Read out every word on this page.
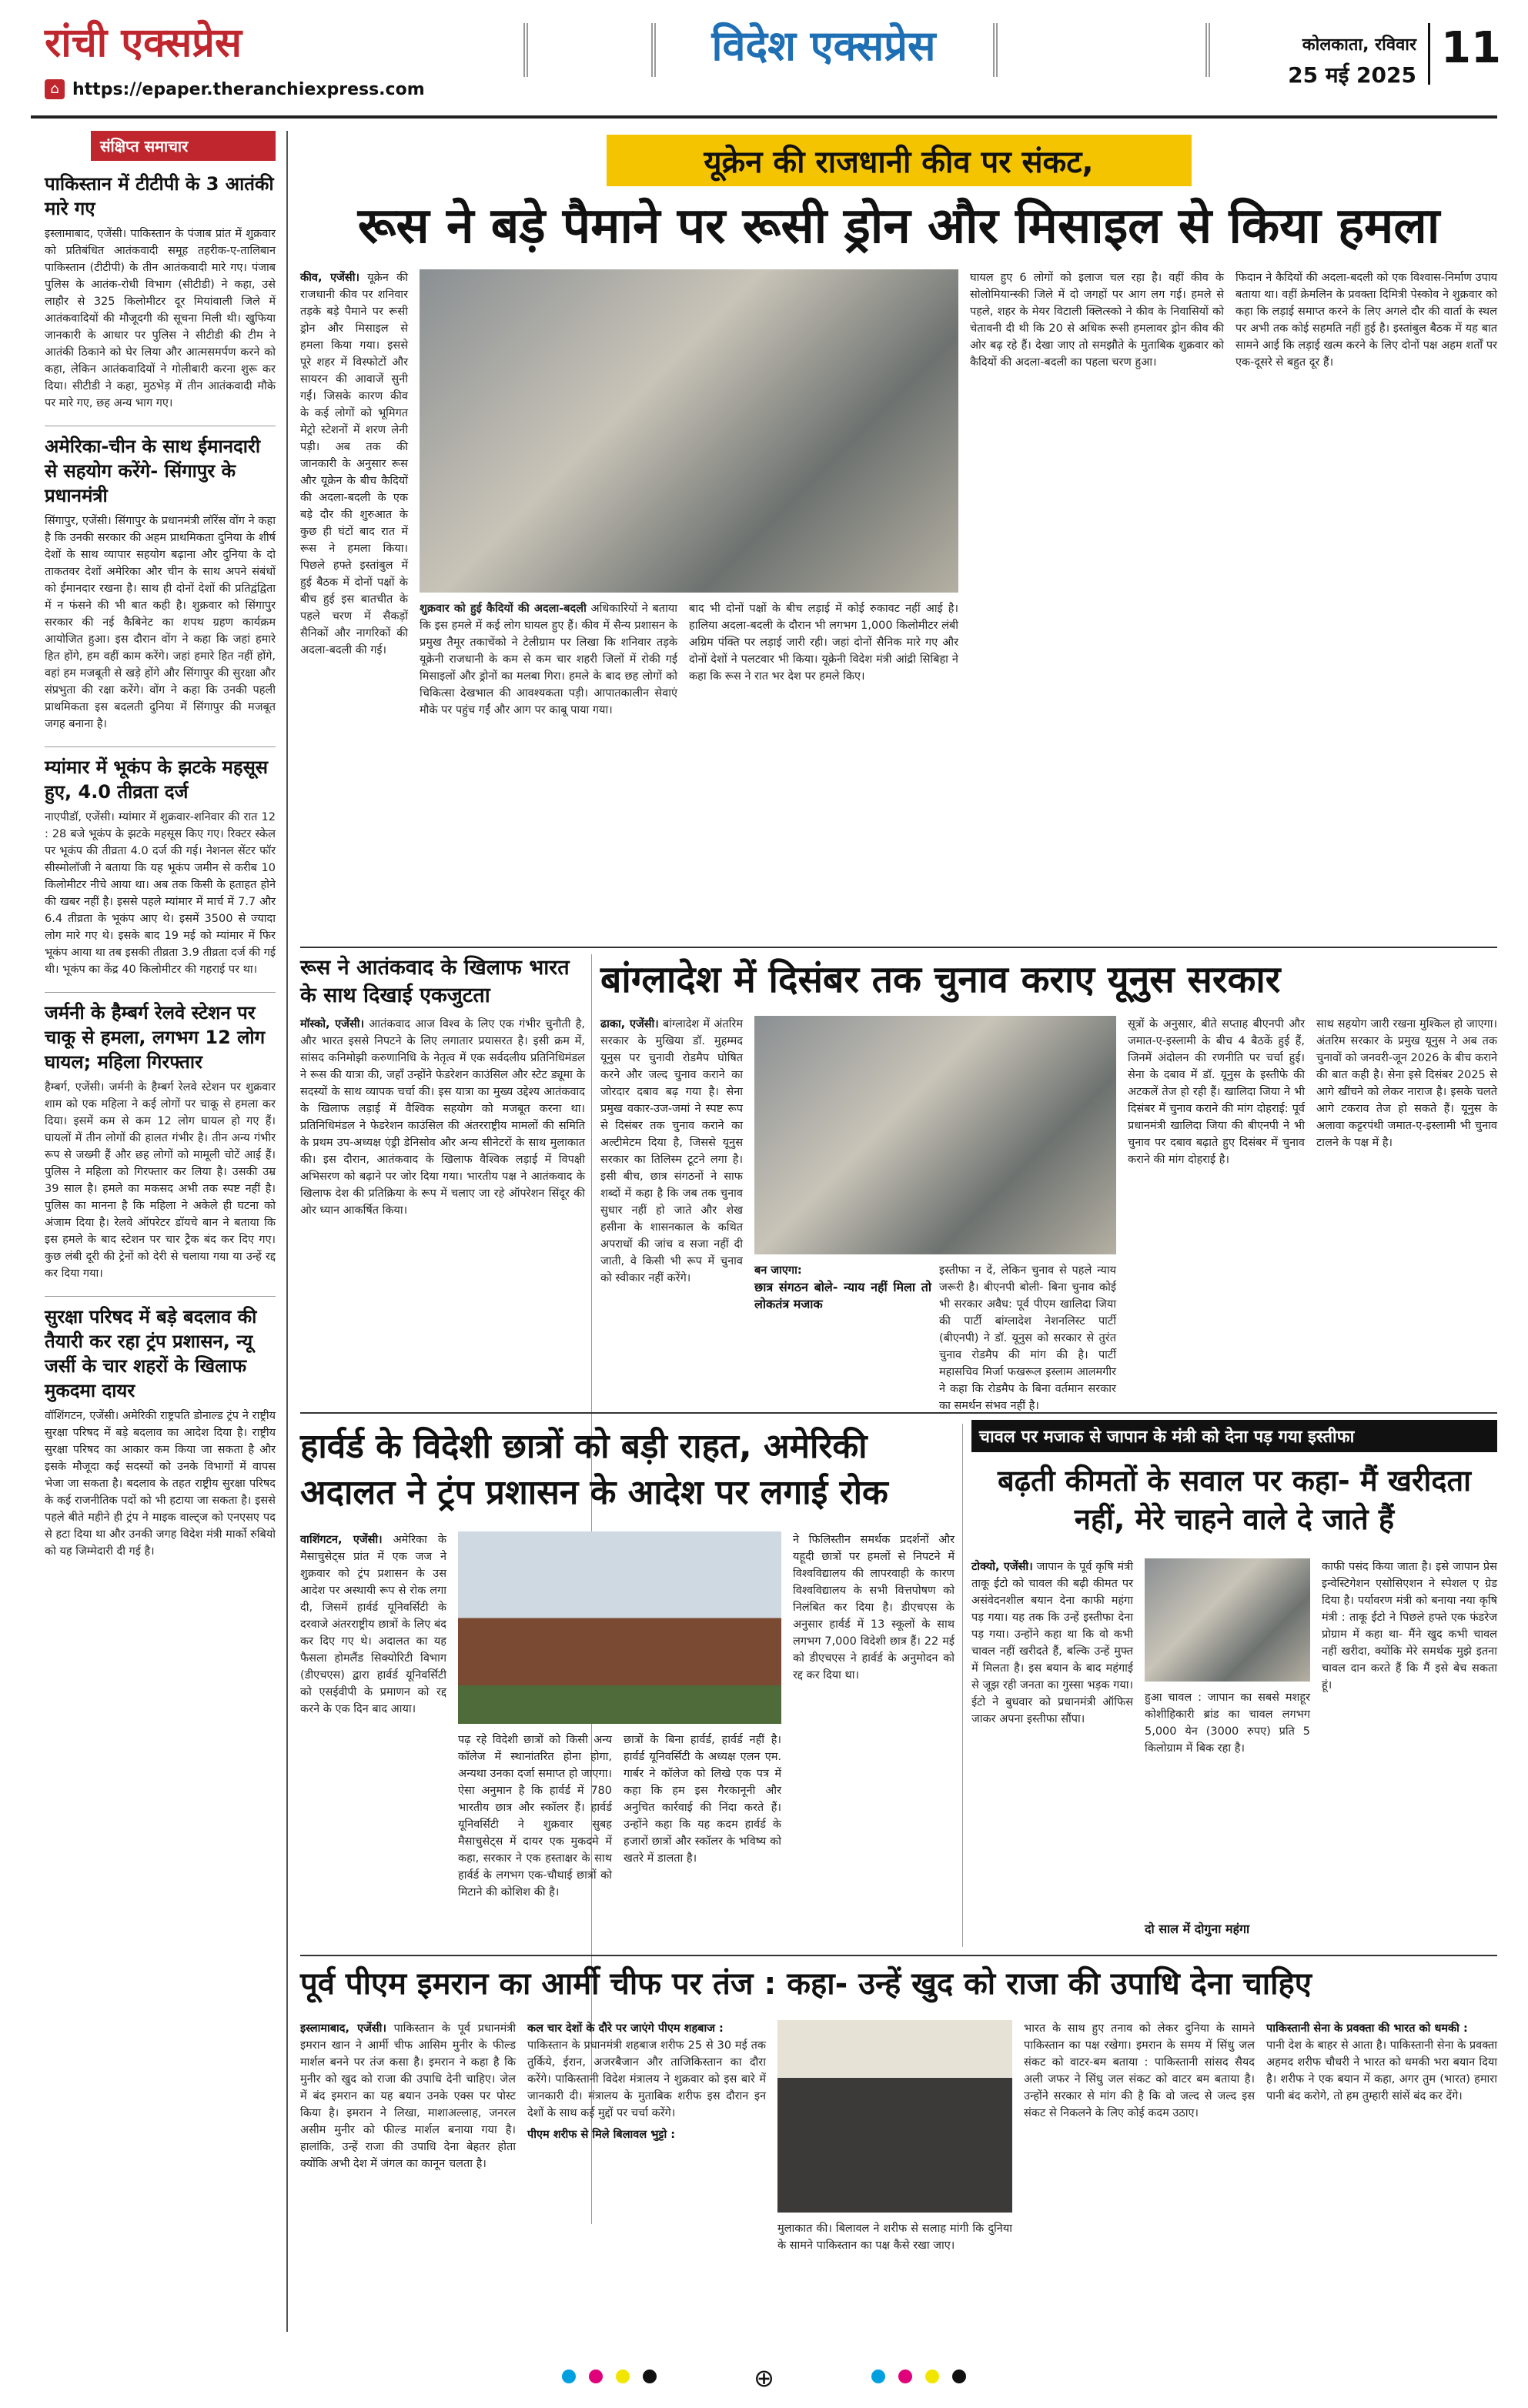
रांची एक्सप्रेस
⌂ https://epaper.theranchiexpress.com
विदेश एक्सप्रेस	कोलकाता, रविवार
25 मई 2025
11
संक्षिप्त समाचार
पाकिस्तान में टीटीपी के 3 आतंकी मारे गए
इस्लामाबाद, एजेंसी। पाकिस्तान के पंजाब प्रांत में शुक्रवार को प्रतिबंधित आतंकवादी समूह तहरीक-ए-तालिबान पाकिस्तान (टीटीपी) के तीन आतंकवादी मारे गए। पंजाब पुलिस के आतंक-रोधी विभाग (सीटीडी) ने कहा, उसे लाहौर से 325 किलोमीटर दूर मियांवाली जिले में आतंकवादियों की मौजूदगी की सूचना मिली थी। खुफिया जानकारी के आधार पर पुलिस ने सीटीडी की टीम ने आतंकी ठिकाने को घेर लिया और आत्मसमर्पण करने को कहा, लेकिन आतंकवादियों ने गोलीबारी करना शुरू कर दिया। सीटीडी ने कहा, मुठभेड़ में तीन आतंकवादी मौके पर मारे गए, छह अन्य भाग गए।
अमेरिका-चीन के साथ ईमानदारी से सहयोग करेंगे- सिंगापुर के प्रधानमंत्री
सिंगापुर, एजेंसी। सिंगापुर के प्रधानमंत्री लॉरेंस वोंग ने कहा है कि उनकी सरकार की अहम प्राथमिकता दुनिया के शीर्ष देशों के साथ व्यापार सहयोग बढ़ाना और दुनिया के दो ताकतवर देशों अमेरिका और चीन के साथ अपने संबंधों को ईमानदार रखना है। साथ ही दोनों देशों की प्रतिद्वंद्विता में न फंसने की भी बात कही है। शुक्रवार को सिंगापुर सरकार की नई कैबिनेट का शपथ ग्रहण कार्यक्रम आयोजित हुआ। इस दौरान वोंग ने कहा कि जहां हमारे हित होंगे, हम वहीं काम करेंगे। जहां हमारे हित नहीं होंगे, वहां हम मजबूती से खड़े होंगे और सिंगापुर की सुरक्षा और संप्रभुता की रक्षा करेंगे। वोंग ने कहा कि उनकी पहली प्राथमिकता इस बदलती दुनिया में सिंगापुर की मजबूत जगह बनाना है।
म्यांमार में भूकंप के झटके महसूस हुए, 4.0 तीव्रता दर्ज
नाएपीडॉ, एजेंसी। म्यांमार में शुक्रवार-शनिवार की रात 12 : 28 बजे भूकंप के झटके महसूस किए गए। रिक्टर स्केल पर भूकंप की तीव्रता 4.0 दर्ज की गई। नेशनल सेंटर फॉर सीस्मोलॉजी ने बताया कि यह भूकंप जमीन से करीब 10 किलोमीटर नीचे आया था। अब तक किसी के हताहत होने की खबर नहीं है। इससे पहले म्यांमार में मार्च में 7.7 और 6.4 तीव्रता के भूकंप आए थे। इसमें 3500 से ज्यादा लोग मारे गए थे। इसके बाद 19 मई को म्यांमार में फिर भूकंप आया था तब इसकी तीव्रता 3.9 तीव्रता दर्ज की गई थी। भूकंप का केंद्र 40 किलोमीटर की गहराई पर था।
जर्मनी के हैम्बर्ग रेलवे स्टेशन पर चाकू से हमला, लगभग 12 लोग घायल; महिला गिरफ्तार
हैम्बर्ग, एजेंसी। जर्मनी के हैम्बर्ग रेलवे स्टेशन पर शुक्रवार शाम को एक महिला ने कई लोगों पर चाकू से हमला कर दिया। इसमें कम से कम 12 लोग घायल हो गए हैं। घायलों में तीन लोगों की हालत गंभीर है। तीन अन्य गंभीर रूप से जख्मी हैं और छह लोगों को मामूली चोटें आई हैं। पुलिस ने महिला को गिरफ्तार कर लिया है। उसकी उम्र 39 साल है। हमले का मकसद अभी तक स्पष्ट नहीं है। पुलिस का मानना है कि महिला ने अकेले ही घटना को अंजाम दिया है। रेलवे ऑपरेटर डॉयचे बान ने बताया कि इस हमले के बाद स्टेशन पर चार ट्रैक बंद कर दिए गए। कुछ लंबी दूरी की ट्रेनों को देरी से चलाया गया या उन्हें रद्द कर दिया गया।
सुरक्षा परिषद में बड़े बदलाव की तैयारी कर रहा ट्रंप प्रशासन, न्यू जर्सी के चार शहरों के खिलाफ मुकदमा दायर
वॉशिंगटन, एजेंसी। अमेरिकी राष्ट्रपति डोनाल्ड ट्रंप ने राष्ट्रीय सुरक्षा परिषद में बड़े बदलाव का आदेश दिया है। राष्ट्रीय सुरक्षा परिषद का आकार कम किया जा सकता है और इसके मौजूदा कई सदस्यों को उनके विभागों में वापस भेजा जा सकता है। बदलाव के तहत राष्ट्रीय सुरक्षा परिषद के कई राजनीतिक पदों को भी हटाया जा सकता है। इससे पहले बीते महीने ही ट्रंप ने माइक वाल्ट्ज को एनएसए पद से हटा दिया था और उनकी जगह विदेश मंत्री मार्को रुबियो को यह जिम्मेदारी दी गई है।
यूक्रेन की राजधानी कीव पर संकट,
रूस ने बड़े पैमाने पर रूसी ड्रोन और मिसाइल से किया हमला
कीव, एजेंसी। यूक्रेन की राजधानी कीव पर शनिवार तड़के बड़े पैमाने पर रूसी ड्रोन और मिसाइल से हमला किया गया। इससे पूरे शहर में विस्फोटों और सायरन की आवाजें सुनी गईं। जिसके कारण कीव के कई लोगों को भूमिगत मेट्रो स्टेशनों में शरण लेनी पड़ी। अब तक की जानकारी के अनुसार रूस और यूक्रेन के बीच कैदियों की अदला-बदली के एक बड़े दौर की शुरुआत के कुछ ही घंटों बाद रात में रूस ने हमला किया। पिछले हफ्ते इस्तांबुल में हुई बैठक में दोनों पक्षों के बीच हुई इस बातचीत के पहले चरण में सैकड़ों सैनिकों और नागरिकों की अदला-बदली की गई।
शुक्रवार को हुई कैदियों की अदला-बदली अधिकारियों ने बताया कि इस हमले में कई लोग घायल हुए हैं। कीव में सैन्य प्रशासन के प्रमुख तैमूर तकाचेंको ने टेलीग्राम पर लिखा कि शनिवार तड़के यूक्रेनी राजधानी के कम से कम चार शहरी जिलों में रोकी गई मिसाइलों और ड्रोनों का मलबा गिरा। हमले के बाद छह लोगों को चिकित्सा देखभाल की आवश्यकता पड़ी। आपातकालीन सेवाएं मौके पर पहुंच गईं और आग पर काबू पाया गया।
बाद भी दोनों पक्षों के बीच लड़ाई में कोई रुकावट नहीं आई है। हालिया अदला-बदली के दौरान भी लगभग 1,000 किलोमीटर लंबी अग्रिम पंक्ति पर लड़ाई जारी रही। जहां दोनों सैनिक मारे गए और दोनों देशों ने पलटवार भी किया। यूक्रेनी विदेश मंत्री आंद्री सिबिहा ने कहा कि रूस ने रात भर देश पर हमले किए।
घायल हुए 6 लोगों को इलाज चल रहा है। वहीं कीव के सोलोमियान्स्की जिले में दो जगहों पर आग लग गई। हमले से पहले, शहर के मेयर विटाली क्लित्स्को ने कीव के निवासियों को चेतावनी दी थी कि 20 से अधिक रूसी हमलावर ड्रोन कीव की ओर बढ़ रहे हैं। देखा जाए तो समझौते के मुताबिक शुक्रवार को कैदियों की अदला-बदली का पहला चरण हुआ।
फिदान ने कैदियों की अदला-बदली को एक विश्वास-निर्माण उपाय बताया था। वहीं क्रेमलिन के प्रवक्ता दिमित्री पेस्कोव ने शुक्रवार को कहा कि लड़ाई समाप्त करने के लिए अगले दौर की वार्ता के स्थल पर अभी तक कोई सहमति नहीं हुई है। इस्तांबुल बैठक में यह बात सामने आई कि लड़ाई खत्म करने के लिए दोनों पक्ष अहम शर्तों पर एक-दूसरे से बहुत दूर हैं।
रूस ने आतंकवाद के खिलाफ भारत के साथ दिखाई एकजुटता
मॉस्को, एजेंसी। आतंकवाद आज विश्व के लिए एक गंभीर चुनौती है, और भारत इससे निपटने के लिए लगातार प्रयासरत है। इसी क्रम में, सांसद कनिमोझी करुणानिधि के नेतृत्व में एक सर्वदलीय प्रतिनिधिमंडल ने रूस की यात्रा की, जहाँ उन्होंने फेडरेशन काउंसिल और स्टेट ड्यूमा के सदस्यों के साथ व्यापक चर्चा की। इस यात्रा का मुख्य उद्देश्य आतंकवाद के खिलाफ लड़ाई में वैश्विक सहयोग को मजबूत करना था। प्रतिनिधिमंडल ने फेडरेशन काउंसिल की अंतरराष्ट्रीय मामलों की समिति के प्रथम उप-अध्यक्ष एंड्री डेनिसोव और अन्य सीनेटरों के साथ मुलाकात की। इस दौरान, आतंकवाद के खिलाफ वैश्विक लड़ाई में विपक्षी अभिसरण को बढ़ाने पर जोर दिया गया। भारतीय पक्ष ने आतंकवाद के खिलाफ देश की प्रतिक्रिया के रूप में चलाए जा रहे ऑपरेशन सिंदूर की ओर ध्यान आकर्षित किया।
बांग्लादेश में दिसंबर तक चुनाव कराए यूनुस सरकार
ढाका, एजेंसी। बांग्लादेश में अंतरिम सरकार के मुखिया डॉ. मुहम्मद यूनुस पर चुनावी रोडमैप घोषित करने और जल्द चुनाव कराने का जोरदार दबाव बढ़ गया है। सेना प्रमुख वकार-उज-जमां ने स्पष्ट रूप से दिसंबर तक चुनाव कराने का अल्टीमेटम दिया है, जिससे यूनुस सरकार का तिलिस्म टूटने लगा है। इसी बीच, छात्र संगठनों ने साफ शब्दों में कहा है कि जब तक चुनाव सुधार नहीं हो जाते और शेख हसीना के शासनकाल के कथित अपराधों की जांच व सजा नहीं दी जाती, वे किसी भी रूप में चुनाव को स्वीकार नहीं करेंगे।
बन जाएगा:
छात्र संगठन बोले- न्याय नहीं मिला तो लोकतंत्र मजाक
इस्तीफा न दें, लेकिन चुनाव से पहले न्याय जरूरी है। बीएनपी बोली- बिना चुनाव कोई भी सरकार अवैध: पूर्व पीएम खालिदा जिया की पार्टी बांग्लादेश नेशनलिस्ट पार्टी (बीएनपी) ने डॉ. यूनुस को सरकार से तुरंत चुनाव रोडमैप की मांग की है। पार्टी महासचिव मिर्जा फखरूल इस्लाम आलमगीर ने कहा कि रोडमैप के बिना वर्तमान सरकार का समर्थन संभव नहीं है।
सूत्रों के अनुसार, बीते सप्ताह बीएनपी और जमात-ए-इस्लामी के बीच 4 बैठकें हुई हैं, जिनमें अंदोलन की रणनीति पर चर्चा हुई। सेना के दबाव में डॉ. यूनुस के इस्तीफे की अटकलें तेज हो रही हैं। खालिदा जिया ने भी दिसंबर में चुनाव कराने की मांग दोहराई: पूर्व प्रधानमंत्री खालिदा जिया की बीएनपी ने भी चुनाव पर दबाव बढ़ाते हुए दिसंबर में चुनाव कराने की मांग दोहराई है।
साथ सहयोग जारी रखना मुश्किल हो जाएगा। अंतरिम सरकार के प्रमुख यूनुस ने अब तक चुनावों को जनवरी-जून 2026 के बीच कराने की बात कही है। सेना इसे दिसंबर 2025 से आगे खींचने को लेकर नाराज है। इसके चलते आगे टकराव तेज हो सकते हैं। यूनुस के अलावा कट्टरपंथी जमात-ए-इस्लामी भी चुनाव टालने के पक्ष में है।
हार्वर्ड के विदेशी छात्रों को बड़ी राहत, अमेरिकी अदालत ने ट्रंप प्रशासन के आदेश पर लगाई रोक
वाशिंगटन, एजेंसी। अमेरिका के मैसाचुसेट्स प्रांत में एक जज ने शुक्रवार को ट्रंप प्रशासन के उस आदेश पर अस्थायी रूप से रोक लगा दी, जिसमें हार्वर्ड यूनिवर्सिटी के दरवाजे अंतरराष्ट्रीय छात्रों के लिए बंद कर दिए गए थे। अदालत का यह फैसला होमलैंड सिक्योरिटी विभाग (डीएचएस) द्वारा हार्वर्ड यूनिवर्सिटी को एसईवीपी के प्रमाणन को रद्द करने के एक दिन बाद आया।
पढ़ रहे विदेशी छात्रों को किसी अन्य कॉलेज में स्थानांतरित होना होगा, अन्यथा उनका दर्जा समाप्त हो जाएगा। ऐसा अनुमान है कि हार्वर्ड में 780 भारतीय छात्र और स्कॉलर हैं। हार्वर्ड यूनिवर्सिटी ने शुक्रवार सुबह मैसाचुसेट्स में दायर एक मुकदमे में कहा, सरकार ने एक हस्ताक्षर के साथ हार्वर्ड के लगभग एक-चौथाई छात्रों को मिटाने की कोशिश की है।
छात्रों के बिना हार्वर्ड, हार्वर्ड नहीं है। हार्वर्ड यूनिवर्सिटी के अध्यक्ष एलन एम. गार्बर ने कॉलेज को लिखे एक पत्र में कहा कि हम इस गैरकानूनी और अनुचित कार्रवाई की निंदा करते हैं। उन्होंने कहा कि यह कदम हार्वर्ड के हजारों छात्रों और स्कॉलर के भविष्य को खतरे में डालता है।
ने फिलिस्तीन समर्थक प्रदर्शनों और यहूदी छात्रों पर हमलों से निपटने में विश्वविद्यालय की लापरवाही के कारण विश्वविद्यालय के सभी वित्तपोषण को निलंबित कर दिया है। डीएचएस के अनुसार हार्वर्ड में 13 स्कूलों के साथ लगभग 7,000 विदेशी छात्र हैं। 22 मई को डीएचएस ने हार्वर्ड के अनुमोदन को रद्द कर दिया था।
चावल पर मजाक से जापान के मंत्री को देना पड़ गया इस्तीफा
बढ़ती कीमतों के सवाल पर कहा- मैं खरीदता नहीं, मेरे चाहने वाले दे जाते हैं
टोक्यो, एजेंसी। जापान के पूर्व कृषि मंत्री ताकू ईटो को चावल की बढ़ी कीमत पर असंवेदनशील बयान देना काफी महंगा पड़ गया। यह तक कि उन्हें इस्तीफा देना पड़ गया। उन्होंने कहा था कि वो कभी चावल नहीं खरीदते हैं, बल्कि उन्हें मुफ्त में मिलता है। इस बयान के बाद महंगाई से जूझ रही जनता का गुस्सा भड़क गया। ईटो ने बुधवार को प्रधानमंत्री ऑफिस जाकर अपना इस्तीफा सौंपा।
हुआ चावल : जापान का सबसे मशहूर कोशीहिकारी ब्रांड का चावल लगभग 5,000 येन (3000 रुपए) प्रति 5 किलोग्राम में बिक रहा है।
दो साल में दोगुना महंगा
काफी पसंद किया जाता है। इसे जापान प्रेस इन्वेस्टिगेशन एसोसिएशन ने स्पेशल ए ग्रेड दिया है। पर्यावरण मंत्री को बनाया नया कृषि मंत्री : ताकू ईटो ने पिछले हफ्ते एक फंडरेज प्रोग्राम में कहा था- मैंने खुद कभी चावल नहीं खरीदा, क्योंकि मेरे समर्थक मुझे इतना चावल दान करते हैं कि मैं इसे बेच सकता हूं।
पूर्व पीएम इमरान का आर्मी चीफ पर तंज : कहा- उन्हें खुद को राजा की उपाधि देना चाहिए
इस्लामाबाद, एजेंसी। पाकिस्तान के पूर्व प्रधानमंत्री इमरान खान ने आर्मी चीफ आसिम मुनीर के फील्ड मार्शल बनने पर तंज कसा है। इमरान ने कहा है कि मुनीर को खुद को राजा की उपाधि देनी चाहिए। जेल में बंद इमरान का यह बयान उनके एक्स पर पोस्ट किया है। इमरान ने लिखा, माशाअल्लाह, जनरल असीम मुनीर को फील्ड मार्शल बनाया गया है। हालांकि, उन्हें राजा की उपाधि देना बेहतर होता क्योंकि अभी देश में जंगल का कानून चलता है।
कल चार देशों के दौरे पर जाएंगे पीएम शहबाज :
पाकिस्तान के प्रधानमंत्री शहबाज शरीफ 25 से 30 मई तक तुर्किये, ईरान, अजरबैजान और ताजिकिस्तान का दौरा करेंगे। पाकिस्तानी विदेश मंत्रालय ने शुक्रवार को इस बारे में जानकारी दी। मंत्रालय के मुताबिक शरीफ इस दौरान इन देशों के साथ कई मुद्दों पर चर्चा करेंगे।
पीएम शरीफ से मिले बिलावल भुट्टो :
मुलाकात की। बिलावल ने शरीफ से सलाह मांगी कि दुनिया के सामने पाकिस्तान का पक्ष कैसे रखा जाए।
भारत के साथ हुए तनाव को लेकर दुनिया के सामने पाकिस्तान का पक्ष रखेगा। इमरान के समय में सिंधु जल संकट को वाटर-बम बताया : पाकिस्तानी सांसद सैयद अली जफर ने सिंधु जल संकट को वाटर बम बताया है। उन्होंने सरकार से मांग की है कि वो जल्द से जल्द इस संकट से निकलने के लिए कोई कदम उठाए।
पाकिस्तानी सेना के प्रवक्ता की भारत को धमकी :
पानी देश के बाहर से आता है। पाकिस्तानी सेना के प्रवक्ता अहमद शरीफ चौधरी ने भारत को धमकी भरा बयान दिया है। शरीफ ने एक बयान में कहा, अगर तुम (भारत) हमारा पानी बंद करोगे, तो हम तुम्हारी सांसें बंद कर देंगे।

⊕
